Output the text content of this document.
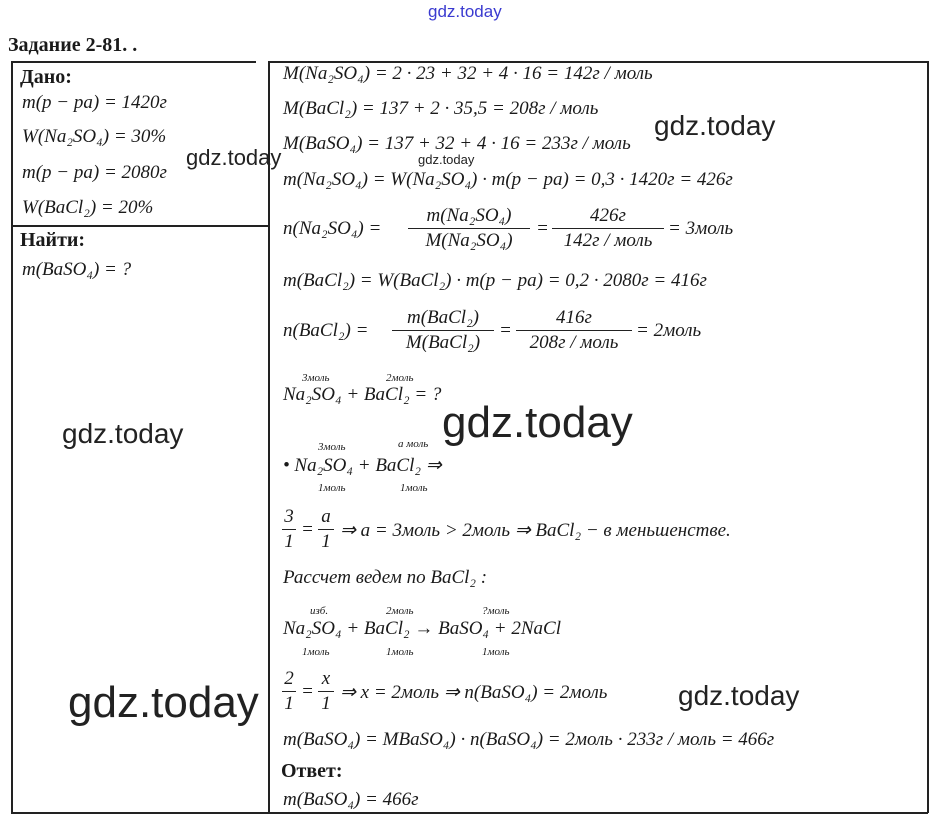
gdz.today
Задание 2-81. .
Дано:
m(p − pa) = 1420г
W(Na₂SO₄) = 30%
m(p − pa) = 2080г
W(BaCl₂) = 20%
Найти:
m(BaSO₄) = ?
M(Na₂SO₄) = 2 · 23 + 32 + 4 · 16 = 142г / моль
M(BaCl₂) = 137 + 2 · 35,5 = 208г / моль
M(BaSO₄) = 137 + 32 + 4 · 16 = 233г / моль
m(Na₂SO₄) = W(Na₂SO₄) · m(p − pa) = 0,3 · 1420г = 426г
$n(Na_2SO_4) = \frac{\text{m(Na₂SO₄)}}{\text{M(Na₂SO₄)}}$ =
426г
142г / моль
= 3моль
m(BaCl₂) = W(BaCl₂) · m(p − pa) = 0,2 · 2080г = 416г
n(BaCl₂) =
m(BaCl₂)
M(BaCl₂)
=
416г
208г / моль
= 2моль
3моль	2моль
Na₂SO₄ + BaCl₂ = ?
3моль	a моль
• Na₂SO₄ + BaCl₂ ⇒
1моль	1моль
$\frac{3}{1} = \frac{a}{1}$ ⇒ a = 3моль > 2моль ⇒ BaCl₂ − в меньшенстве.
Рассчет ведем по BaCl₂ :
изб.	2моль	?моль
Na₂SO₄ + BaCl₂ → BaSO₄ + 2NaCl
1моль	1моль	1моль
$\frac{2}{1} = \frac{x}{1}$ ⇒ x = 2моль ⇒ n(BaSO₄) = 2моль
m(BaSO₄) = MBaSO₄) · n(BaSO₄) = 2моль · 233г / моль = 466г
Ответ:
m(BaSO₄) = 466г
gdz.today
gdz.today	gdz.today
gdz.today	gdz.today
gdz.today	gdz.today
